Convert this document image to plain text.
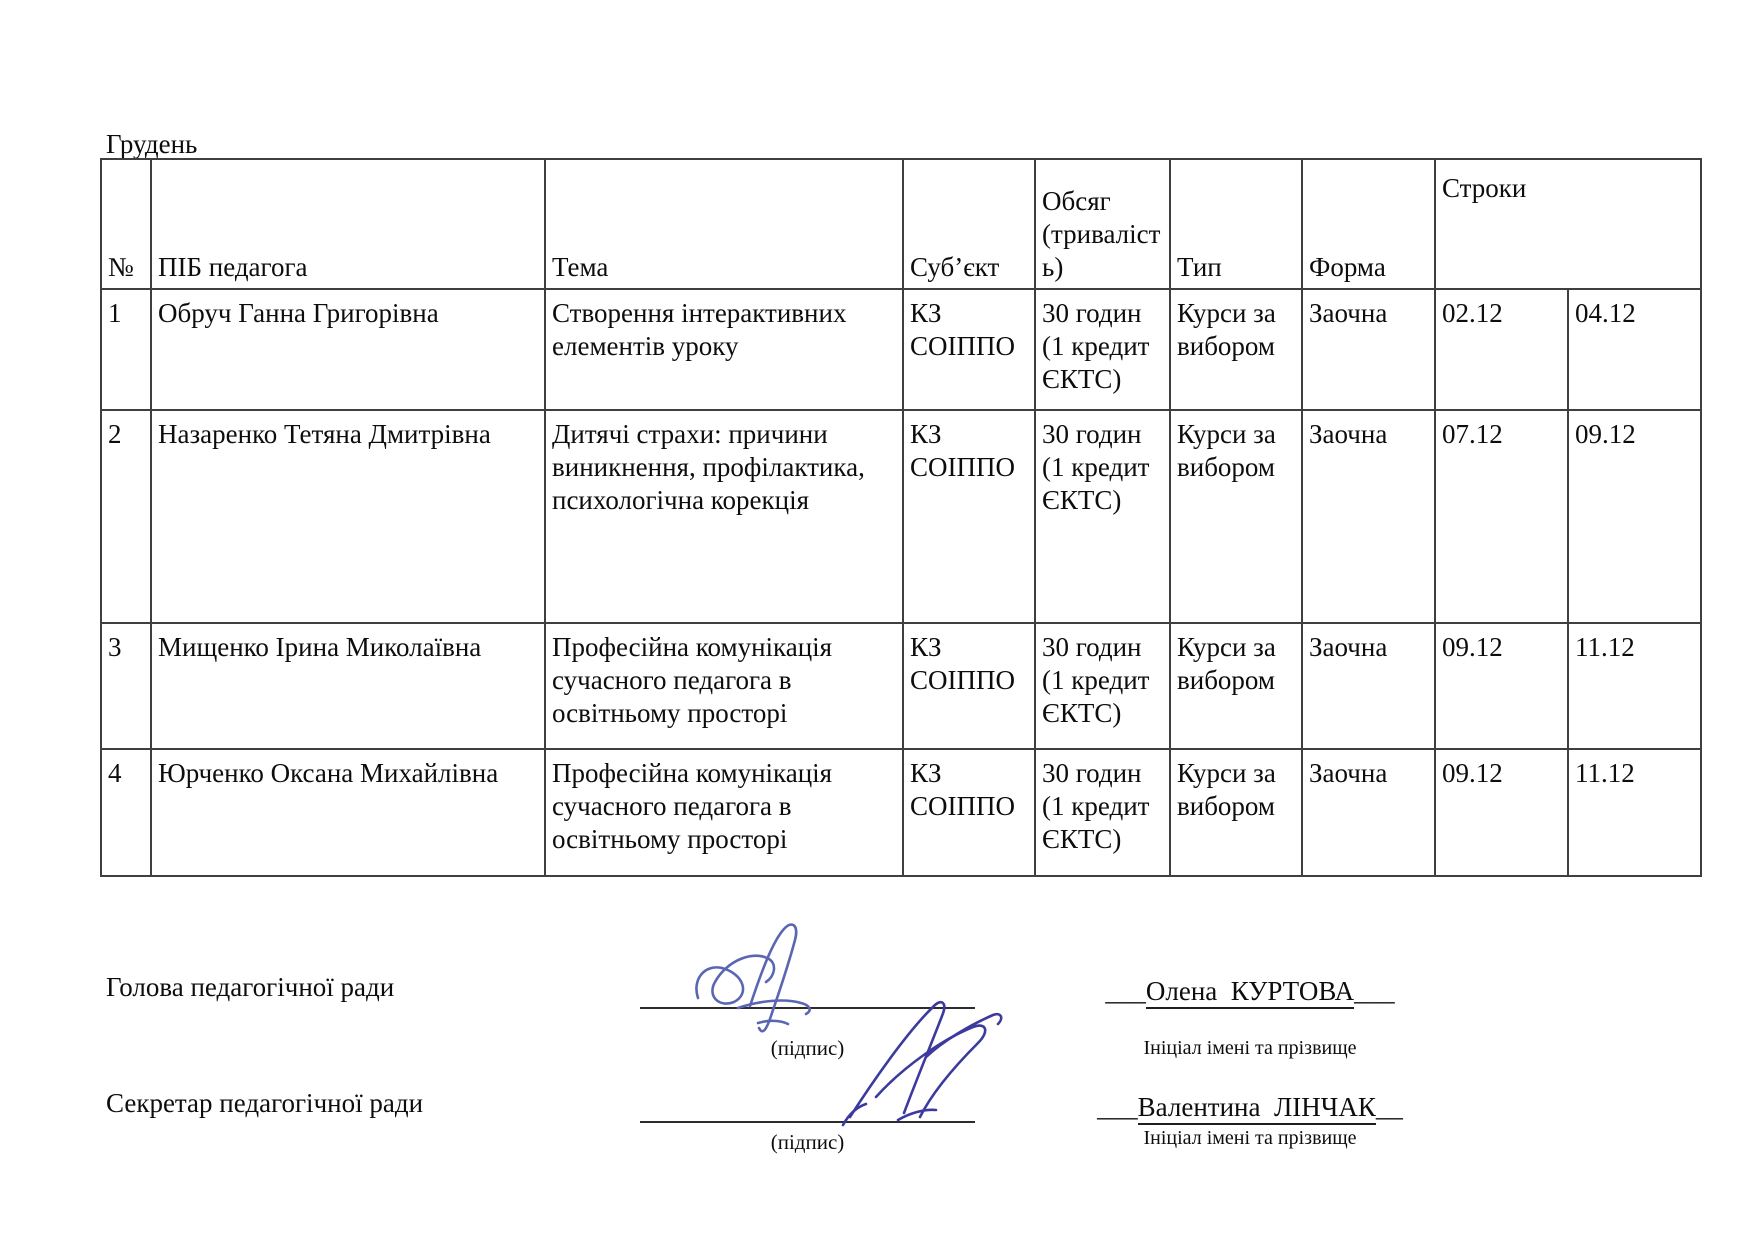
Грудень
№	ПІБ педагога	Тема	Суб’єкт	Обсяг (тривалість)	Тип	Форма	Строки	
1	Обруч Ганна Григорівна	Створення інтерактивних елементів уроку	КЗ СОІППО	30 годин (1 кредит ЄКТС)	Курси за вибором	Заочна	02.12	04.12
2	Назаренко Тетяна Дмитрівна	Дитячі страхи: причини виникнення, профілактика, психологічна корекція	КЗ СОІППО	30 годин (1 кредит ЄКТС)	Курси за вибором	Заочна	07.12	09.12
3	Мищенко Ірина Миколаївна	Професійна комунікація сучасного педагога в освітньому просторі	КЗ СОІППО	30 годин (1 кредит ЄКТС)	Курси за вибором	Заочна	09.12	11.12
4	Юрченко Оксана Михайлівна	Професійна комунікація сучасного педагога в освітньому просторі	КЗ СОІППО	30 годин (1 кредит ЄКТС)	Курси за вибором	Заочна	09.12	11.12
Голова педагогічної ради
(підпис)
___Олена  КУРТОВА___
Ініціал імені та прізвище
Секретар педагогічної ради
(підпис)
___Валентина  ЛІНЧАК__
Ініціал імені та прізвище
